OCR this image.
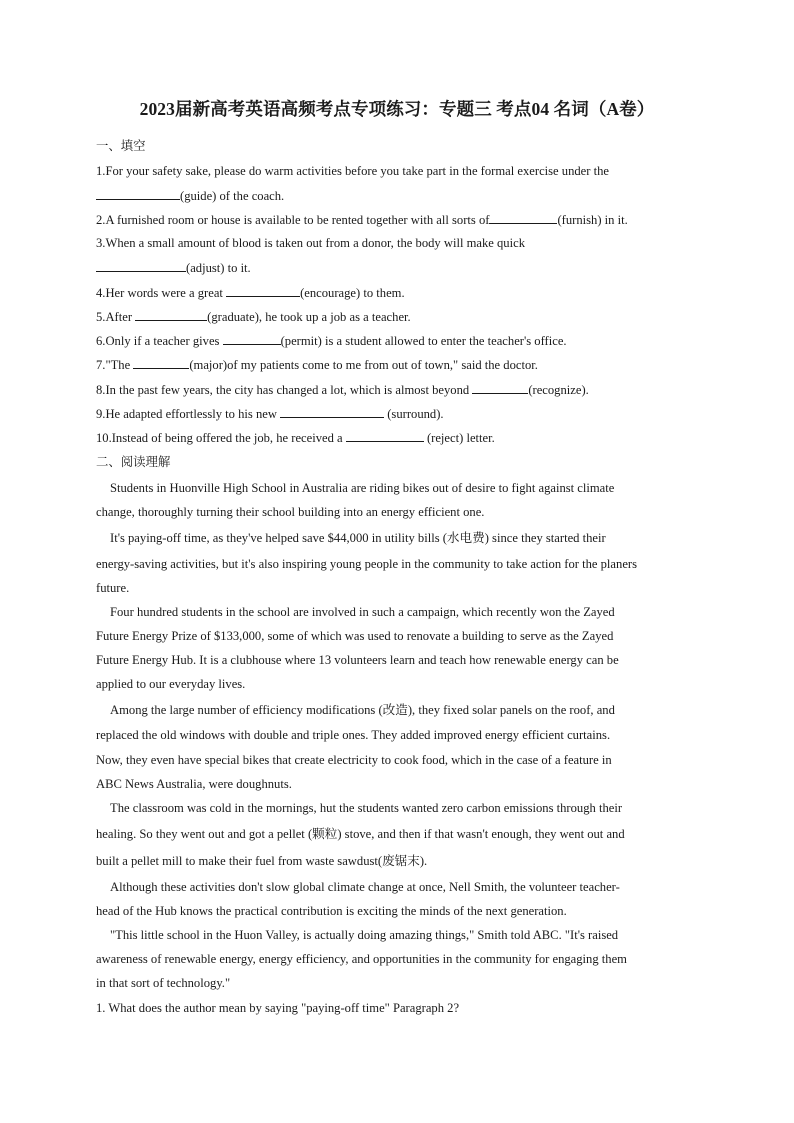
2023届新高考英语高频考点专项练习：专题三 考点04 名词（A卷）
一、填空
1.For your safety sake, please do warm activities before you take part in the formal exercise under the
(guide) of the coach.
2.A furnished room or house is available to be rented together with all sorts of	(furnish) in it.
3.When a small amount of blood is taken out from a donor, the body will make quick
(adjust) to it.
4.Her words were a great	(encourage) to them.
5.After	(graduate), he took up a job as a teacher.
6.Only if a teacher gives	(permit) is a student allowed to enter the teacher's office.
7."The	(major)of my patients come to me from out of town," said the doctor.
8.In the past few years, the city has changed a lot, which is almost beyond	(recognize).
9.He adapted effortlessly to his new	(surround).
10.Instead of being offered the job, he received a	(reject) letter.
二、阅读理解
Students in Huonville High School in Australia are riding bikes out of desire to fight against climate
change, thoroughly turning their school building into an energy efficient one.
It's paying-off time, as they've helped save $44,000 in utility bills (水电费) since they started their
energy-saving activities, but it's also inspiring young people in the community to take action for the planers
future.
Four hundred students in the school are involved in such a campaign, which recently won the Zayed
Future Energy Prize of $133,000, some of which was used to renovate a building to serve as the Zayed
Future Energy Hub. It is a clubhouse where 13 volunteers learn and teach how renewable energy can be
applied to our everyday lives.
Among the large number of efficiency modifications (改造), they fixed solar panels on the roof, and
replaced the old windows with double and triple ones. They added improved energy efficient curtains.
Now, they even have special bikes that create electricity to cook food, which in the case of a feature in
ABC News Australia, were doughnuts.
The classroom was cold in the mornings, hut the students wanted zero carbon emissions through their
healing. So they went out and got a pellet (颗粒) stove, and then if that wasn't enough, they went out and
built a pellet mill to make their fuel from waste sawdust(废锯末).
Although these activities don't slow global climate change at once, Nell Smith, the volunteer teacher-
head of the Hub knows the practical contribution is exciting the minds of the next generation.
"This little school in the Huon Valley, is actually doing amazing things," Smith told ABC. "It's raised
awareness of renewable energy, energy efficiency, and opportunities in the community for engaging them
in that sort of technology."
1. What does the author mean by saying "paying-off time" Paragraph 2?
